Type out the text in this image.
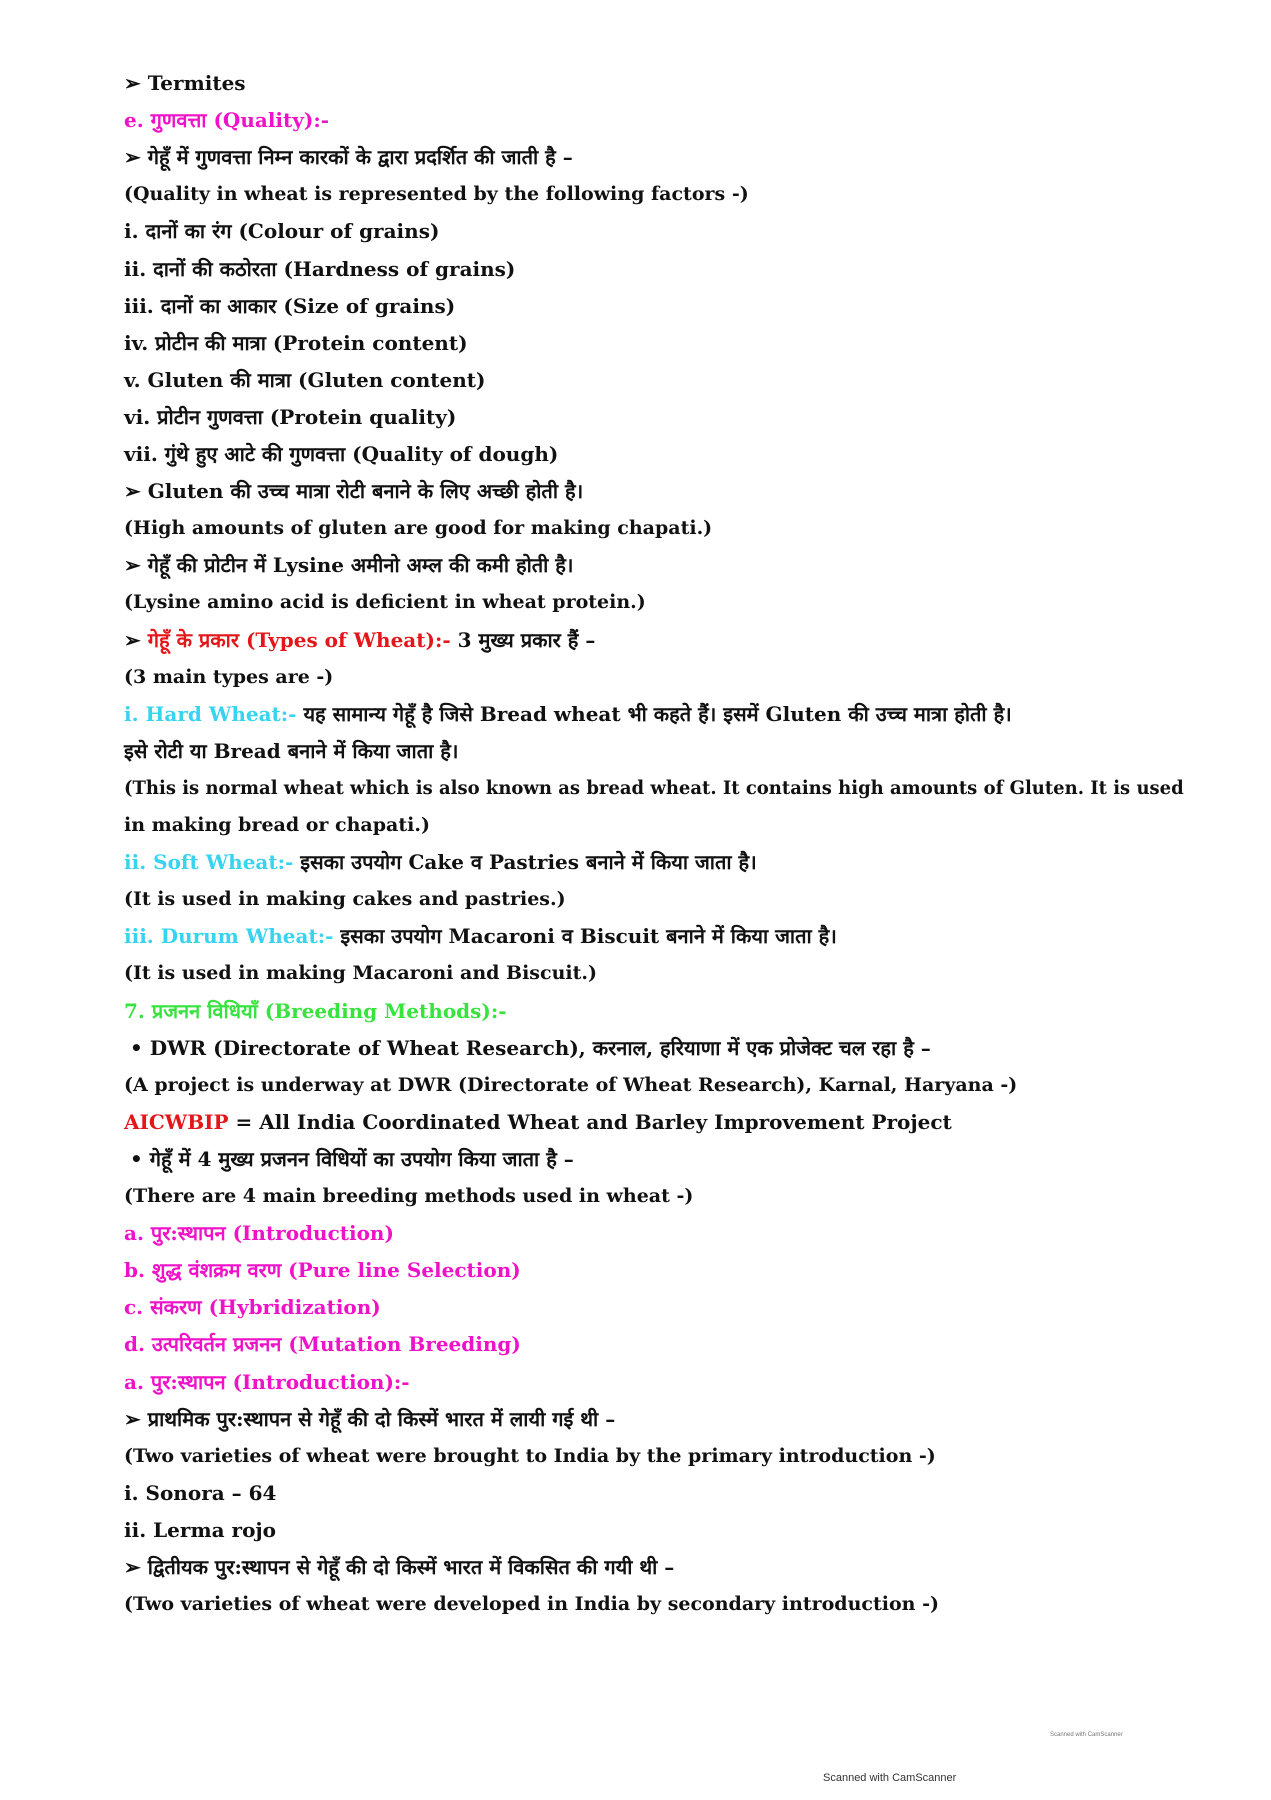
➢ Termites
e. गुणवत्ता (Quality):-
➢ गेहूँ में गुणवत्ता निम्न कारकों के द्वारा प्रदर्शित की जाती है –
(Quality in wheat is represented by the following factors -)
i. दानों का रंग (Colour of grains)
ii. दानों की कठोरता (Hardness of grains)
iii. दानों का आकार (Size of grains)
iv. प्रोटीन की मात्रा (Protein content)
v. Gluten की मात्रा (Gluten content)
vi. प्रोटीन गुणवत्ता (Protein quality)
vii. गुंथे हुए आटे की गुणवत्ता (Quality of dough)
➢ Gluten की उच्च मात्रा रोटी बनाने के लिए अच्छी होती है।
(High amounts of gluten are good for making chapati.)
➢ गेहूँ की प्रोटीन में Lysine अमीनो अम्ल की कमी होती है।
(Lysine amino acid is deficient in wheat protein.)
➢ गेहूँ के प्रकार (Types of Wheat):- 3 मुख्य प्रकार हैं –
(3 main types are -)
i. Hard Wheat:- यह सामान्य गेहूँ है जिसे Bread wheat भी कहते हैं। इसमें Gluten की उच्च मात्रा होती है।
इसे रोटी या Bread बनाने में किया जाता है।
(This is normal wheat which is also known as bread wheat. It contains high amounts of Gluten. It is used
in making bread or chapati.)
ii. Soft Wheat:- इसका उपयोग Cake व Pastries बनाने में किया जाता है।
(It is used in making cakes and pastries.)
iii. Durum Wheat:- इसका उपयोग Macaroni व Biscuit बनाने में किया जाता है।
(It is used in making Macaroni and Biscuit.)
7. प्रजनन विधियाँ (Breeding Methods):-
• DWR (Directorate of Wheat Research), करनाल, हरियाणा में एक प्रोजेक्ट चल रहा है –
(A project is underway at DWR (Directorate of Wheat Research), Karnal, Haryana -)
AICWBIP = All India Coordinated Wheat and Barley Improvement Project
• गेहूँ में 4 मुख्य प्रजनन विधियों का उपयोग किया जाता है –
(There are 4 main breeding methods used in wheat -)
a. पुर:स्थापन (Introduction)
b. शुद्ध वंशक्रम वरण (Pure line Selection)
c. संकरण (Hybridization)
d. उत्परिवर्तन प्रजनन (Mutation Breeding)
a. पुर:स्थापन (Introduction):-
➢ प्राथमिक पुर:स्थापन से गेहूँ की दो किस्में भारत में लायी गई थी –
(Two varieties of wheat were brought to India by the primary introduction -)
i. Sonora – 64
ii. Lerma rojo
➢ द्वितीयक पुर:स्थापन से गेहूँ की दो किस्में भारत में विकसित की गयी थी –
(Two varieties of wheat were developed in India by secondary introduction -)
Scanned with CamScanner
Scanned with CamScanner
